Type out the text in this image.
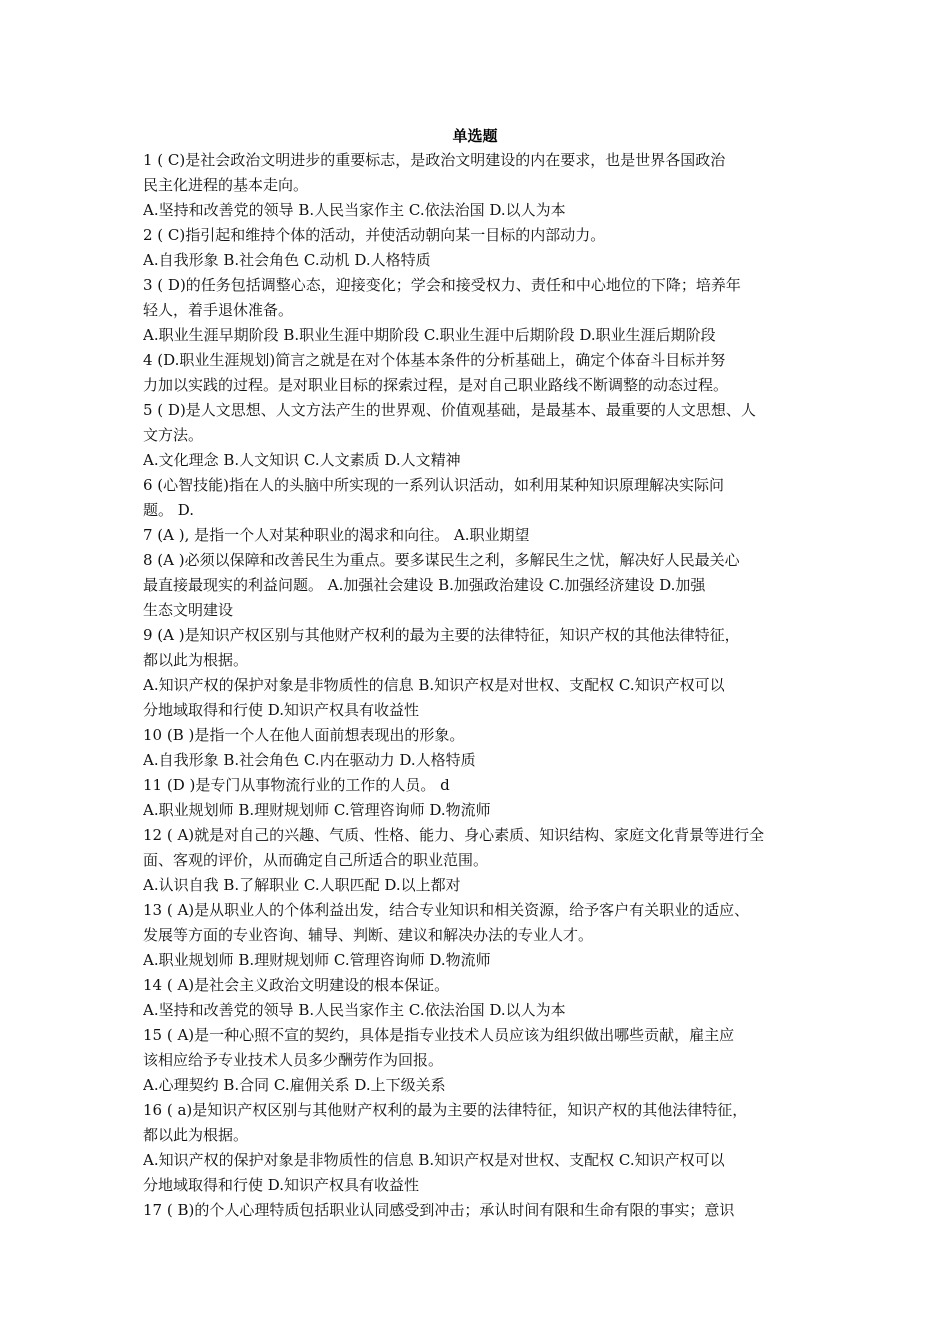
单选题
1 ( C)是社会政治文明进步的重要标志，是政治文明建设的内在要求，也是世界各国政治
民主化进程的基本走向。
A.坚持和改善党的领导 B.人民当家作主 C.依法治国 D.以人为本
2 ( C)指引起和维持个体的活动，并使活动朝向某一目标的内部动力。
A.自我形象 B.社会角色 C.动机 D.人格特质
3 ( D)的任务包括调整心态，迎接变化；学会和接受权力、责任和中心地位的下降；培养年
轻人，着手退休准备。
A.职业生涯早期阶段 B.职业生涯中期阶段 C.职业生涯中后期阶段 D.职业生涯后期阶段
4 (D.职业生涯规划)简言之就是在对个体基本条件的分析基础上，确定个体奋斗目标并努
力加以实践的过程。是对职业目标的探索过程，是对自己职业路线不断调整的动态过程。
5 ( D)是人文思想、人文方法产生的世界观、价值观基础，是最基本、最重要的人文思想、人
文方法。
A.文化理念 B.人文知识 C.人文素质 D.人文精神
6 (心智技能)指在人的头脑中所实现的一系列认识活动，如利用某种知识原理解决实际问
题。 D.
7 (A ), 是指一个人对某种职业的渴求和向往。 A.职业期望
8 (A )必须以保障和改善民生为重点。要多谋民生之利，多解民生之忧，解决好人民最关心
最直接最现实的利益问题。 A.加强社会建设 B.加强政治建设 C.加强经济建设 D.加强
生态文明建设
9 (A )是知识产权区别与其他财产权利的最为主要的法律特征，知识产权的其他法律特征，
都以此为根据。
A.知识产权的保护对象是非物质性的信息 B.知识产权是对世权、支配权 C.知识产权可以
分地域取得和行使 D.知识产权具有收益性
10 (B )是指一个人在他人面前想表现出的形象。
A.自我形象 B.社会角色 C.内在驱动力 D.人格特质
11 (D )是专门从事物流行业的工作的人员。 d
A.职业规划师 B.理财规划师 C.管理咨询师 D.物流师
12 ( A)就是对自己的兴趣、气质、性格、能力、身心素质、知识结构、家庭文化背景等进行全
面、客观的评价，从而确定自己所适合的职业范围。
A.认识自我 B.了解职业 C.人职匹配 D.以上都对
13 ( A)是从职业人的个体利益出发，结合专业知识和相关资源，给予客户有关职业的适应、
发展等方面的专业咨询、辅导、判断、建议和解决办法的专业人才。
A.职业规划师 B.理财规划师 C.管理咨询师 D.物流师
14 ( A)是社会主义政治文明建设的根本保证。
A.坚持和改善党的领导 B.人民当家作主 C.依法治国 D.以人为本
15 ( A)是一种心照不宣的契约，具体是指专业技术人员应该为组织做出哪些贡献，雇主应
该相应给予专业技术人员多少酬劳作为回报。
A.心理契约 B.合同 C.雇佣关系 D.上下级关系
16 ( a)是知识产权区别与其他财产权利的最为主要的法律特征，知识产权的其他法律特征，
都以此为根据。
A.知识产权的保护对象是非物质性的信息 B.知识产权是对世权、支配权 C.知识产权可以
分地域取得和行使 D.知识产权具有收益性
17 ( B)的个人心理特质包括职业认同感受到冲击；承认时间有限和生命有限的事实；意识
